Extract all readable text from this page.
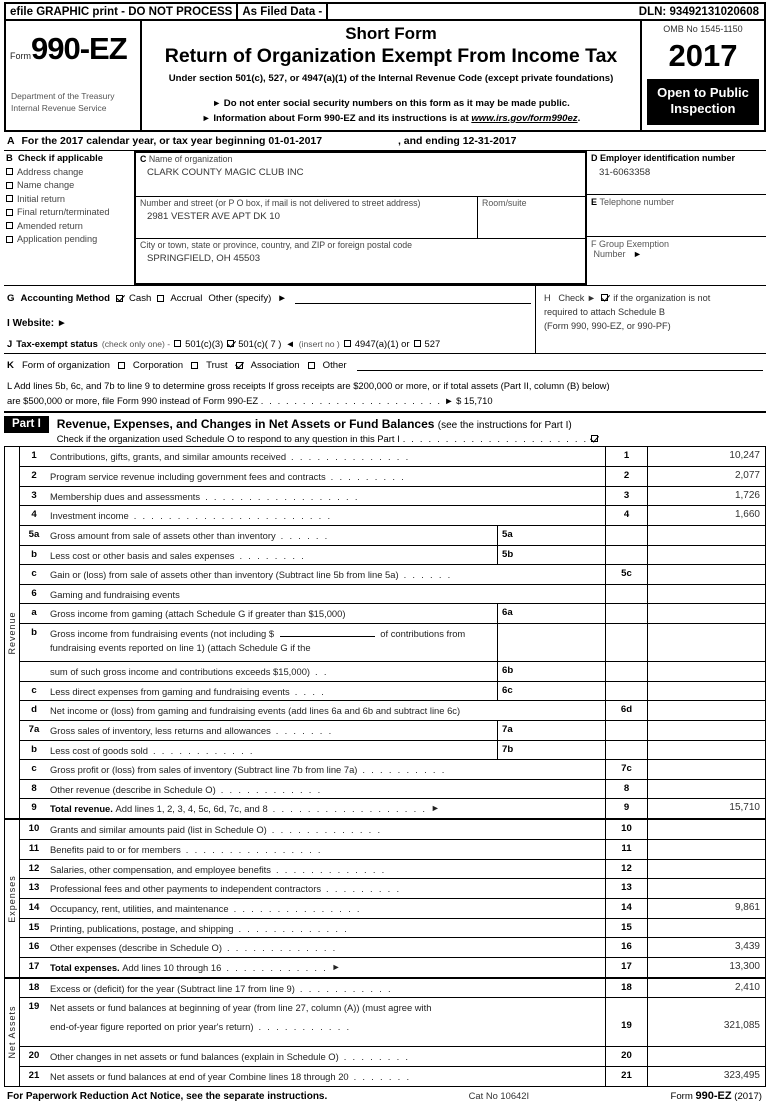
efile GRAPHIC print - DO NOT PROCESS As Filed Data -	DLN: 93492131020608
Form 990-EZ
Department of the Treasury
Internal Revenue Service
Short Form
Return of Organization Exempt From Income Tax
Under section 501(c), 527, or 4947(a)(1) of the Internal Revenue Code (except private foundations)
► Do not enter social security numbers on this form as it may be made public.
► Information about Form 990-EZ and its instructions is at www.irs.gov/form990ez.
OMB No 1545-1150
2017
Open to Public
Inspection
A For the 2017 calendar year, or tax year beginning 01-01-2017	, and ending 12-31-2017
B Check if applicable
Address change
Name change
Initial return
Final return/terminated
Amended return
Application pending
C Name of organization
CLARK COUNTY MAGIC CLUB INC
Number and street (or P O box, if mail is not delivered to street address)
2981 VESTER AVE APT DK 10
Room/suite
City or town, state or province, country, and ZIP or foreign postal code
SPRINGFIELD, OH 45503
D Employer identification number
31-6063358
E Telephone number
F Group Exemption
Number ►
G Accounting Method Cash Accrual Other (specify) ►
I Website: ►
J Tax-exempt status (check only one) - 501(c)(3) 501(c)( 7 ) ◄ (insert no ) 4947(a)(1) or 527
H Check ► if the organization is not
required to attach Schedule B
(Form 990, 990-EZ, or 990-PF)
K Form of organization Corporation Trust Association Other
L Add lines 5b, 6c, and 7b to line 9 to determine gross receipts If gross receipts are $200,000 or more, or if total assets (Part II, column (B) below)
are $500,000 or more, file Form 990 instead of Form 990-EZ . . . . . . . . . . . . . . . . . . . . . . ► $ 15,710
Part I	Revenue, Expenses, and Changes in Net Assets or Fund Balances (see the instructions for Part I)
Check if the organization used Schedule O to respond to any question in this Part I . . . . . . . . . . . . . . . . . . . . . .
Revenue
1	Contributions, gifts, grants, and similar amounts received . . . . . . . . . . . . . .	1	10,247
2	Program service revenue including government fees and contracts . . . . . . . . .	2	2,077
3	Membership dues and assessments . . . . . . . . . . . . . . . . . .	3	1,726
4	Investment income . . . . . . . . . . . . . . . . . . . . . . .	4	1,660
5a	Gross amount from sale of assets other than inventory . . . . . .	5a
b	Less cost or other basis and sales expenses . . . . . . . .	5b
c	Gain or (loss) from sale of assets other than inventory (Subtract line 5b from line 5a) . . . . . .	5c
6	Gaming and fundraising events
a	Gross income from gaming (attach Schedule G if greater than $15,000)	6a
b	Gross income from fundraising events (not including $	of contributions from
fundraising events reported on line 1) (attach Schedule G if the
sum of such gross income and contributions exceeds $15,000) . .	6b
c	Less direct expenses from gaming and fundraising events . . . .	6c
d	Net income or (loss) from gaming and fundraising events (add lines 6a and 6b and subtract line 6c)	6d
7a	Gross sales of inventory, less returns and allowances . . . . . . .	7a
b	Less cost of goods sold . . . . . . . . . . . .	7b
c	Gross profit or (loss) from sales of inventory (Subtract line 7b from line 7a) . . . . . . . . . .	7c
8	Other revenue (describe in Schedule O) . . . . . . . . . . . .	8
9	Total revenue.
Add lines 1, 2, 3, 4, 5c, 6d, 7c, and 8 . . . . . . . . . . . . . . . . . . ►	9	15,710
Expenses
10	Grants and similar amounts paid (list in Schedule O) . . . . . . . . . . . . .	10
11	Benefits paid to or for members . . . . . . . . . . . . . . . .	11
12	Salaries, other compensation, and employee benefits . . . . . . . . . . . . .	12
13	Professional fees and other payments to independent contractors . . . . . . . . .	13
14	Occupancy, rent, utilities, and maintenance . . . . . . . . . . . . . . .	14	9,861
15	Printing, publications, postage, and shipping . . . . . . . . . . . . .	15
16	Other expenses (describe in Schedule O) . . . . . . . . . . . . .	16	3,439
17	Total expenses.
Add lines 10 through 16 . . . . . . . . . . . . ►	17	13,300
Net Assets
18	Excess or (deficit) for the year (Subtract line 17 from line 9) . . . . . . . . . . .	18	2,410
19	Net assets or fund balances at beginning of year (from line 27, column (A)) (must agree with
end-of-year figure reported on prior year's return) . . . . . . . . . . .	19	321,085
20	Other changes in net assets or fund balances (explain in Schedule O) . . . . . . . .	20
21	Net assets or fund balances at end of year Combine lines 18 through 20 . . . . . . .	21	323,495
For Paperwork Reduction Act Notice, see the separate instructions.	Cat No 10642I	Form 990-EZ (2017)
